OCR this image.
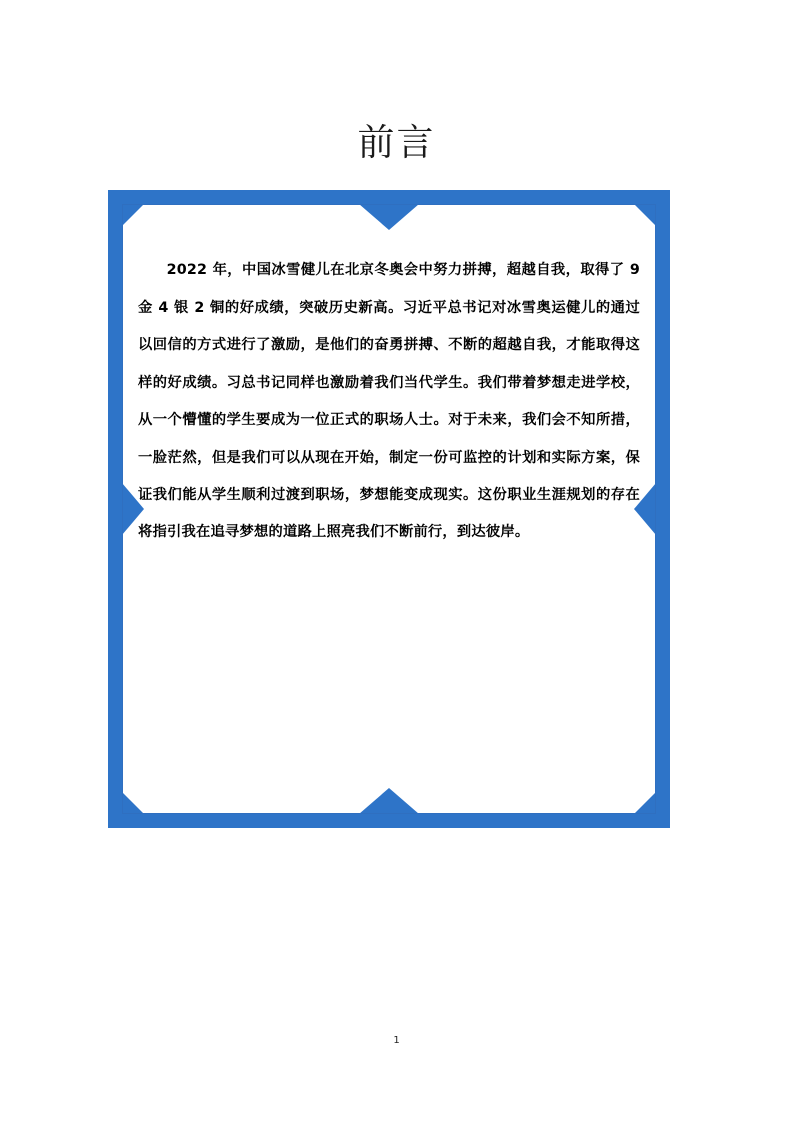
前言

2022 年，中国冰雪健儿在北京冬奥会中努力拼搏，超越自我，取得了 9 金 4 银 2 铜的好成绩，突破历史新高。习近平总书记对冰雪奥运健儿的通过以回信的方式进行了激励，是他们的奋勇拼搏、不断的超越自我，才能取得这样的好成绩。习总书记同样也激励着我们当代学生。我们带着梦想走进学校，从一个懵懂的学生要成为一位正式的职场人士。对于未来，我们会不知所措，一脸茫然，但是我们可以从现在开始，制定一份可监控的计划和实际方案，保证我们能从学生顺利过渡到职场，梦想能变成现实。这份职业生涯规划的存在将指引我在追寻梦想的道路上照亮我们不断前行，到达彼岸。

1
